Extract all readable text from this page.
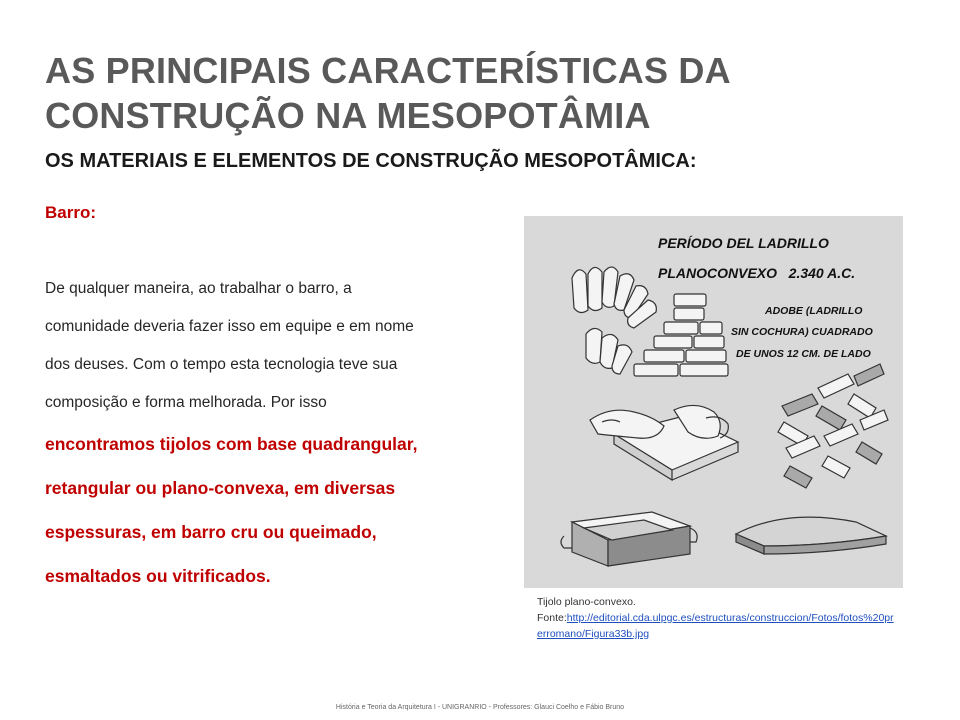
AS PRINCIPAIS CARACTERÍSTICAS DA CONSTRUÇÃO NA MESOPOTÂMIA
OS MATERIAIS E ELEMENTOS DE CONSTRUÇÃO MESOPOTÂMICA:
Barro:
De qualquer maneira, ao trabalhar o barro, a
comunidade deveria fazer isso em equipe e em nome
dos deuses. Com o tempo esta tecnologia teve sua
composição e forma melhorada. Por isso
encontramos tijolos com base quadrangular,
retangular ou plano-convexa, em diversas
espessuras, em barro cru ou queimado,
esmaltados ou vitrificados.
PERÍODO DEL LADRILLO
PLANOCONVEXO   2.340 A.C.
ADOBE (LADRILLO
SIN COCHURA) CUADRADO
DE UNOS 12 CM. DE LADO

Tijolo plano-convexo.
Fonte:http://editorial.cda.ulpgc.es/estructuras/construccion/Fotos/fotos%20prerromano/Figura33b.jpg

História e Teoria da Arquitetura I - UNIGRANRIO - Professores: Glauci Coelho e Fábio Bruno
